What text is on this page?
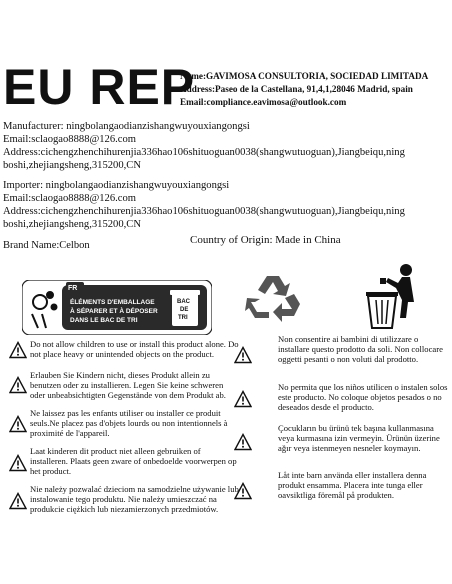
EU REP
Name:GAVIMOSA CONSULTORIA, SOCIEDAD LIMITADA
Address:Paseo de la Castellana, 91,4,1,28046 Madrid, spain
Email:compliance.eavimosa@outlook.com
Manufacturer: ningbolangaodianzishangwuyouxiangongsi
Email:sclaogao8888@126.com
Address:cichengzhenchihurenjia336hao106shituoguan0038(shangwutuoguan),Jiangbeiqu,ning boshi,zhejiangsheng,315200,CN
Importer: ningbolangaodianzishangwuyouxiangongsi
Email:sclaogao8888@126.com
Address:cichengzhenchihurenjia336hao106shituoguan0038(shangwutuoguan),Jiangbeiqu,ning boshi,zhejiangsheng,315200,CN
Brand Name:Celbon	Country of Origin: Made in China
FR
ÉLÉMENTS D'EMBALLAGE
À SÉPARER ET À DÉPOSER
DANS LE BAC DE TRI
BAC
DE
TRI
Do not allow children to use or install this product alone. Do not place heavy or unintended objects on the product.
Erlauben Sie Kindern nicht, dieses Produkt allein zu benutzen oder zu installieren. Legen Sie keine schweren oder unbeabsichtigten Gegenstände von dem Produkt ab.
Ne laissez pas les enfants utiliser ou installer ce produit seuls.Ne placez pas d'objets lourds ou non intentionnels à proximité de l'appareil.
Laat kinderen dit product niet alleen gebruiken of installeren. Plaats geen zware of onbedoelde voorwerpen op het product.
Nie należy pozwalać dzieciom na samodzielne używanie lub instalowanie tego produktu. Nie należy umieszczać na produkcie ciężkich lub niezamierzonych przedmiotów.
Non consentire ai bambini di utilizzare o installare questo prodotto da soli. Non collocare oggetti pesanti o non voluti dal prodotto.
No permita que los niños utilicen o instalen solos este producto. No coloque objetos pesados o no deseados desde el producto.
Çocukların bu ürünü tek başına kullanmasına veya kurmasına izin vermeyin. Ürünün üzerine ağır veya istenmeyen nesneler koymayın.
Låt inte barn använda eller installera denna produkt ensamma. Placera inte tunga eller oavsiktliga föremål på produkten.
